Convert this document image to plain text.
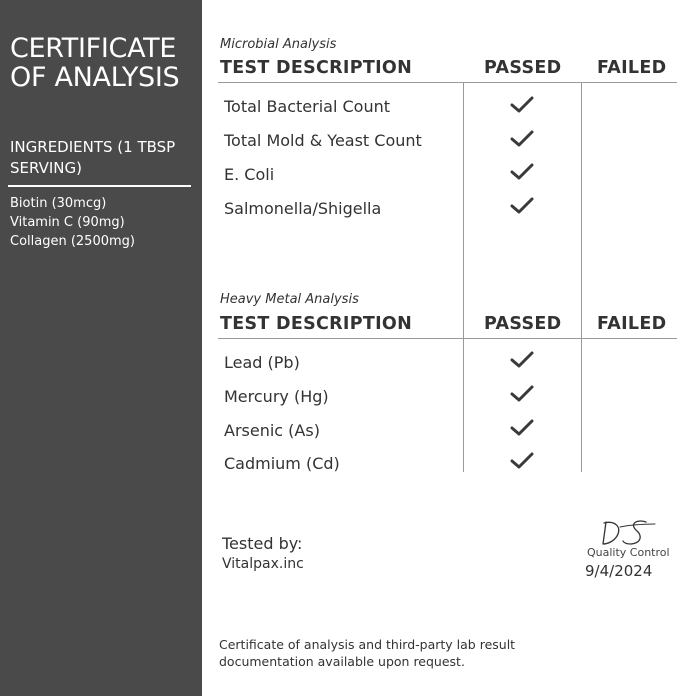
CERTIFICATE OF ANALYSIS
INGREDIENTS (1 TBSP SERVING)
Biotin (30mcg)
Vitamin C (90mg)
Collagen (2500mg)
Microbial Analysis
TEST DESCRIPTION	PASSED FAILED
Total Bacterial Count
Total Mold & Yeast Count
E. Coli
Salmonella/Shigella
Heavy Metal Analysis
TEST DESCRIPTION	PASSED FAILED
Lead (Pb)
Mercury (Hg)
Arsenic (As)
Cadmium (Cd)
Tested by:
Vitalpax.inc
Quality Control
9/4/2024
Certificate of analysis and third-party lab result documentation available upon request.
